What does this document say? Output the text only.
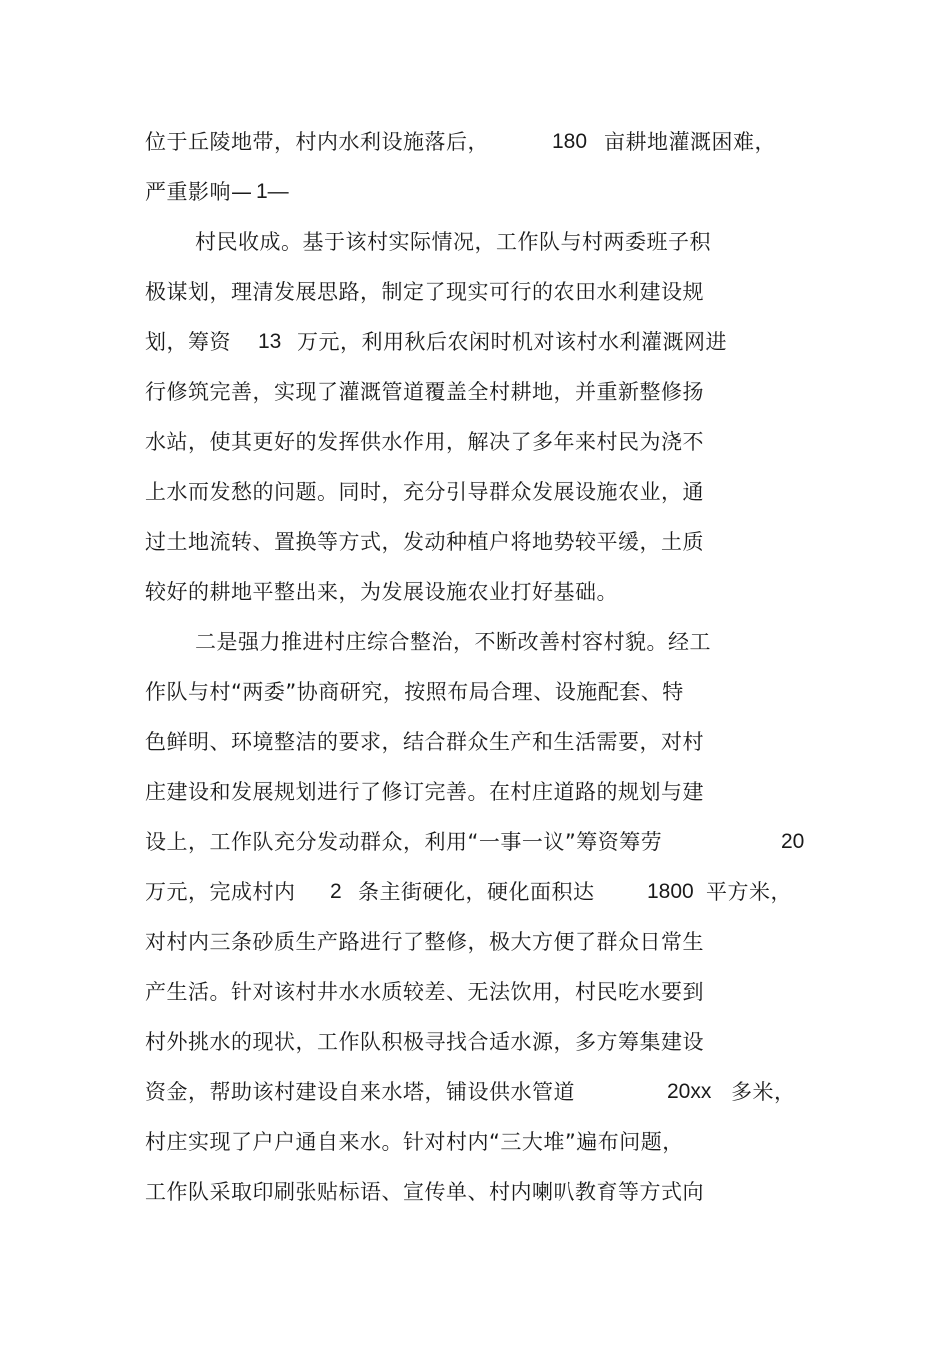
位于丘陵地带，村内水利设施落后，	180 亩耕地灌溉困难，
严重影响— 1—
村民收成。基于该村实际情况，工作队与村两委班子积
极谋划，理清发展思路，制定了现实可行的农田水利建设规
划，筹资 13 万元，利用秋后农闲时机对该村水利灌溉网进
行修筑完善，实现了灌溉管道覆盖全村耕地，并重新整修扬
水站，使其更好的发挥供水作用，解决了多年来村民为浇不
上水而发愁的问题。同时，充分引导群众发展设施农业，通
过土地流转、置换等方式，发动种植户将地势较平缓，土质
较好的耕地平整出来，为发展设施农业打好基础。
二是强力推进村庄综合整治，不断改善村容村貌。经工
作队与村“两委”协商研究，按照布局合理、设施配套、特
色鲜明、环境整洁的要求，结合群众生产和生活需要，对村
庄建设和发展规划进行了修订完善。在村庄道路的规划与建
设上，工作队充分发动群众，利用“一事一议”筹资筹劳	20
万元，完成村内 2 条主街硬化，硬化面积达	1800 平方米，
对村内三条砂质生产路进行了整修，极大方便了群众日常生
产生活。针对该村井水水质较差、无法饮用，村民吃水要到
村外挑水的现状，工作队积极寻找合适水源，多方筹集建设
资金，帮助该村建设自来水塔，铺设供水管道	20xx 多米，
村庄实现了户户通自来水。针对村内“三大堆”遍布问题，
工作队采取印刷张贴标语、宣传单、村内喇叭教育等方式向
